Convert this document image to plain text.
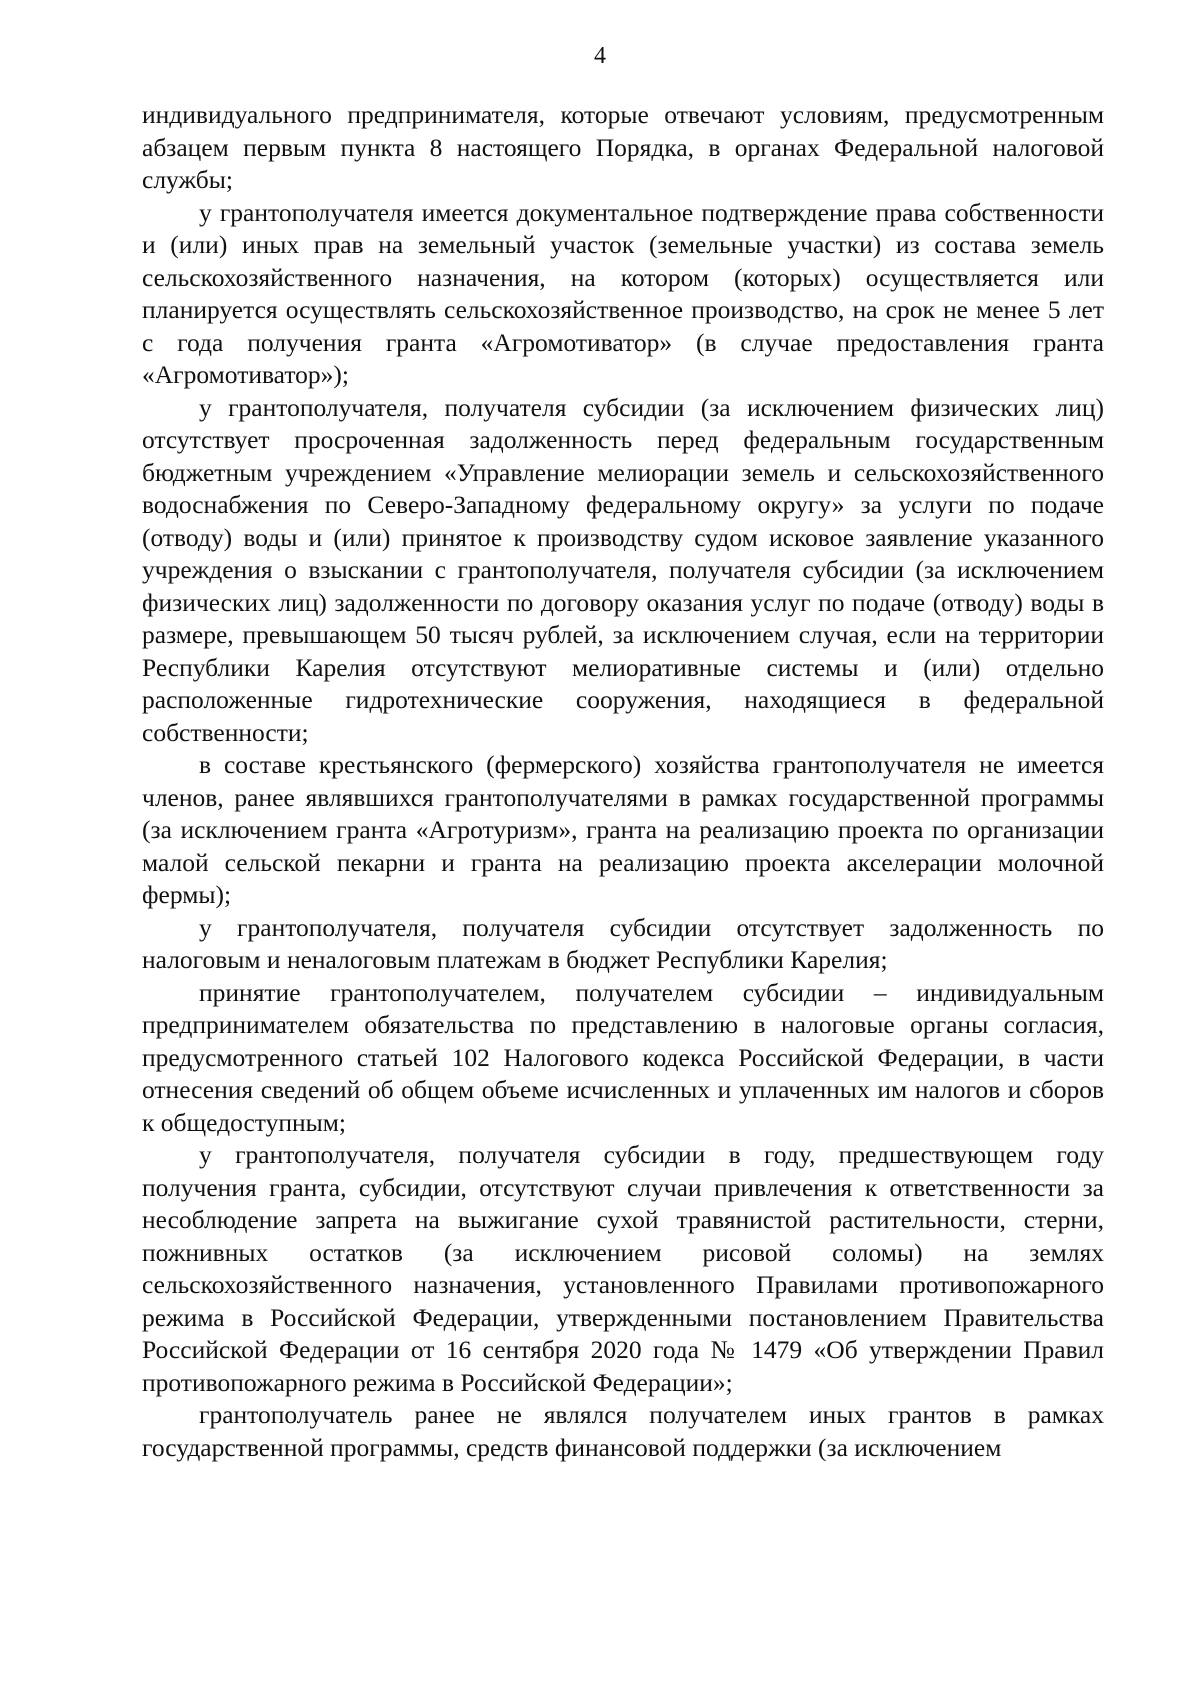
4

индивидуального предпринимателя, которые отвечают условиям, предусмотренным абзацем первым пункта 8 настоящего Порядка, в органах Федеральной налоговой службы;

у грантополучателя имеется документальное подтверждение права собственности и (или) иных прав на земельный участок (земельные участки) из состава земель сельскохозяйственного назначения, на котором (которых) осуществляется или планируется осуществлять сельскохозяйственное производство, на срок не менее 5 лет с года получения гранта «Агромотиватор» (в случае предоставления гранта «Агромотиватор»);

у грантополучателя, получателя субсидии (за исключением физических лиц) отсутствует просроченная задолженность перед федеральным государственным бюджетным учреждением «Управление мелиорации земель и сельскохозяйственного водоснабжения по Северо-Западному федеральному округу» за услуги по подаче (отводу) воды и (или) принятое к производству судом исковое заявление указанного учреждения о взыскании с грантополучателя, получателя субсидии (за исключением физических лиц) задолженности по договору оказания услуг по подаче (отводу) воды в размере, превышающем 50 тысяч рублей, за исключением случая, если на территории Республики Карелия отсутствуют мелиоративные системы и (или) отдельно расположенные гидротехнические сооружения, находящиеся в федеральной собственности;

в составе крестьянского (фермерского) хозяйства грантополучателя не имеется членов, ранее являвшихся грантополучателями в рамках государственной программы (за исключением гранта «Агротуризм», гранта на реализацию проекта по организации малой сельской пекарни и гранта на реализацию проекта акселерации молочной фермы);

у грантополучателя, получателя субсидии отсутствует задолженность по налоговым и неналоговым платежам в бюджет Республики Карелия;

принятие грантополучателем, получателем субсидии – индивидуальным предпринимателем обязательства по представлению в налоговые органы согласия, предусмотренного статьей 102 Налогового кодекса Российской Федерации, в части отнесения сведений об общем объеме исчисленных и уплаченных им налогов и сборов к общедоступным;

у грантополучателя, получателя субсидии в году, предшествующем году получения гранта, субсидии, отсутствуют случаи привлечения к ответственности за несоблюдение запрета на выжигание сухой травянистой растительности, стерни, пожнивных остатков (за исключением рисовой соломы) на землях сельскохозяйственного назначения, установленного Правилами противопожарного режима в Российской Федерации, утвержденными постановлением Правительства Российской Федерации от 16 сентября 2020 года № 1479 «Об утверждении Правил противопожарного режима в Российской Федерации»;

грантополучатель ранее не являлся получателем иных грантов в рамках государственной программы, средств финансовой поддержки (за исключением
